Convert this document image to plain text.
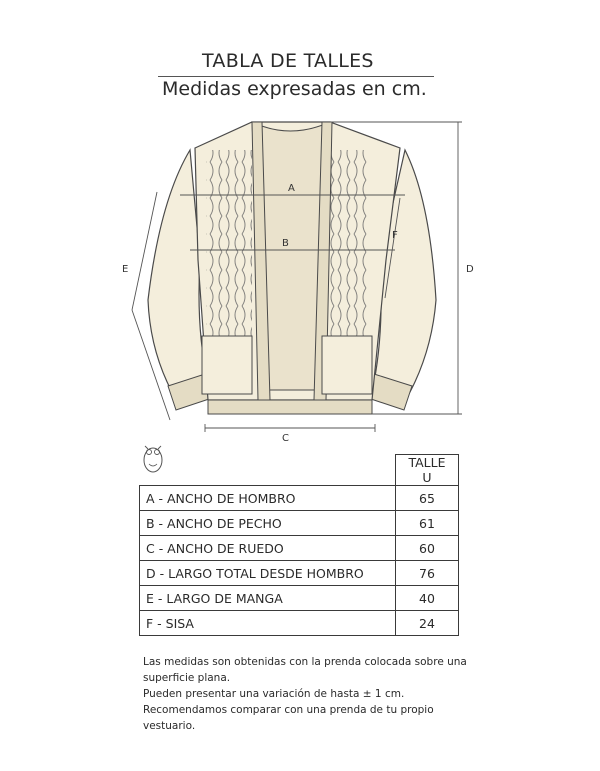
TABLA DE TALLES
Medidas expresadas en cm.
A
B
C
D
E
F
	TALLE U
A - ANCHO DE HOMBRO	65
B - ANCHO DE PECHO	61
C - ANCHO DE RUEDO	60
D - LARGO TOTAL DESDE HOMBRO	76
E - LARGO DE MANGA	40
F - SISA	24

Las medidas son obtenidas con la prenda colocada sobre una superficie plana.

Pueden presentar una variación de hasta ± 1 cm.

Recomendamos comparar con una prenda de tu propio vestuario.
